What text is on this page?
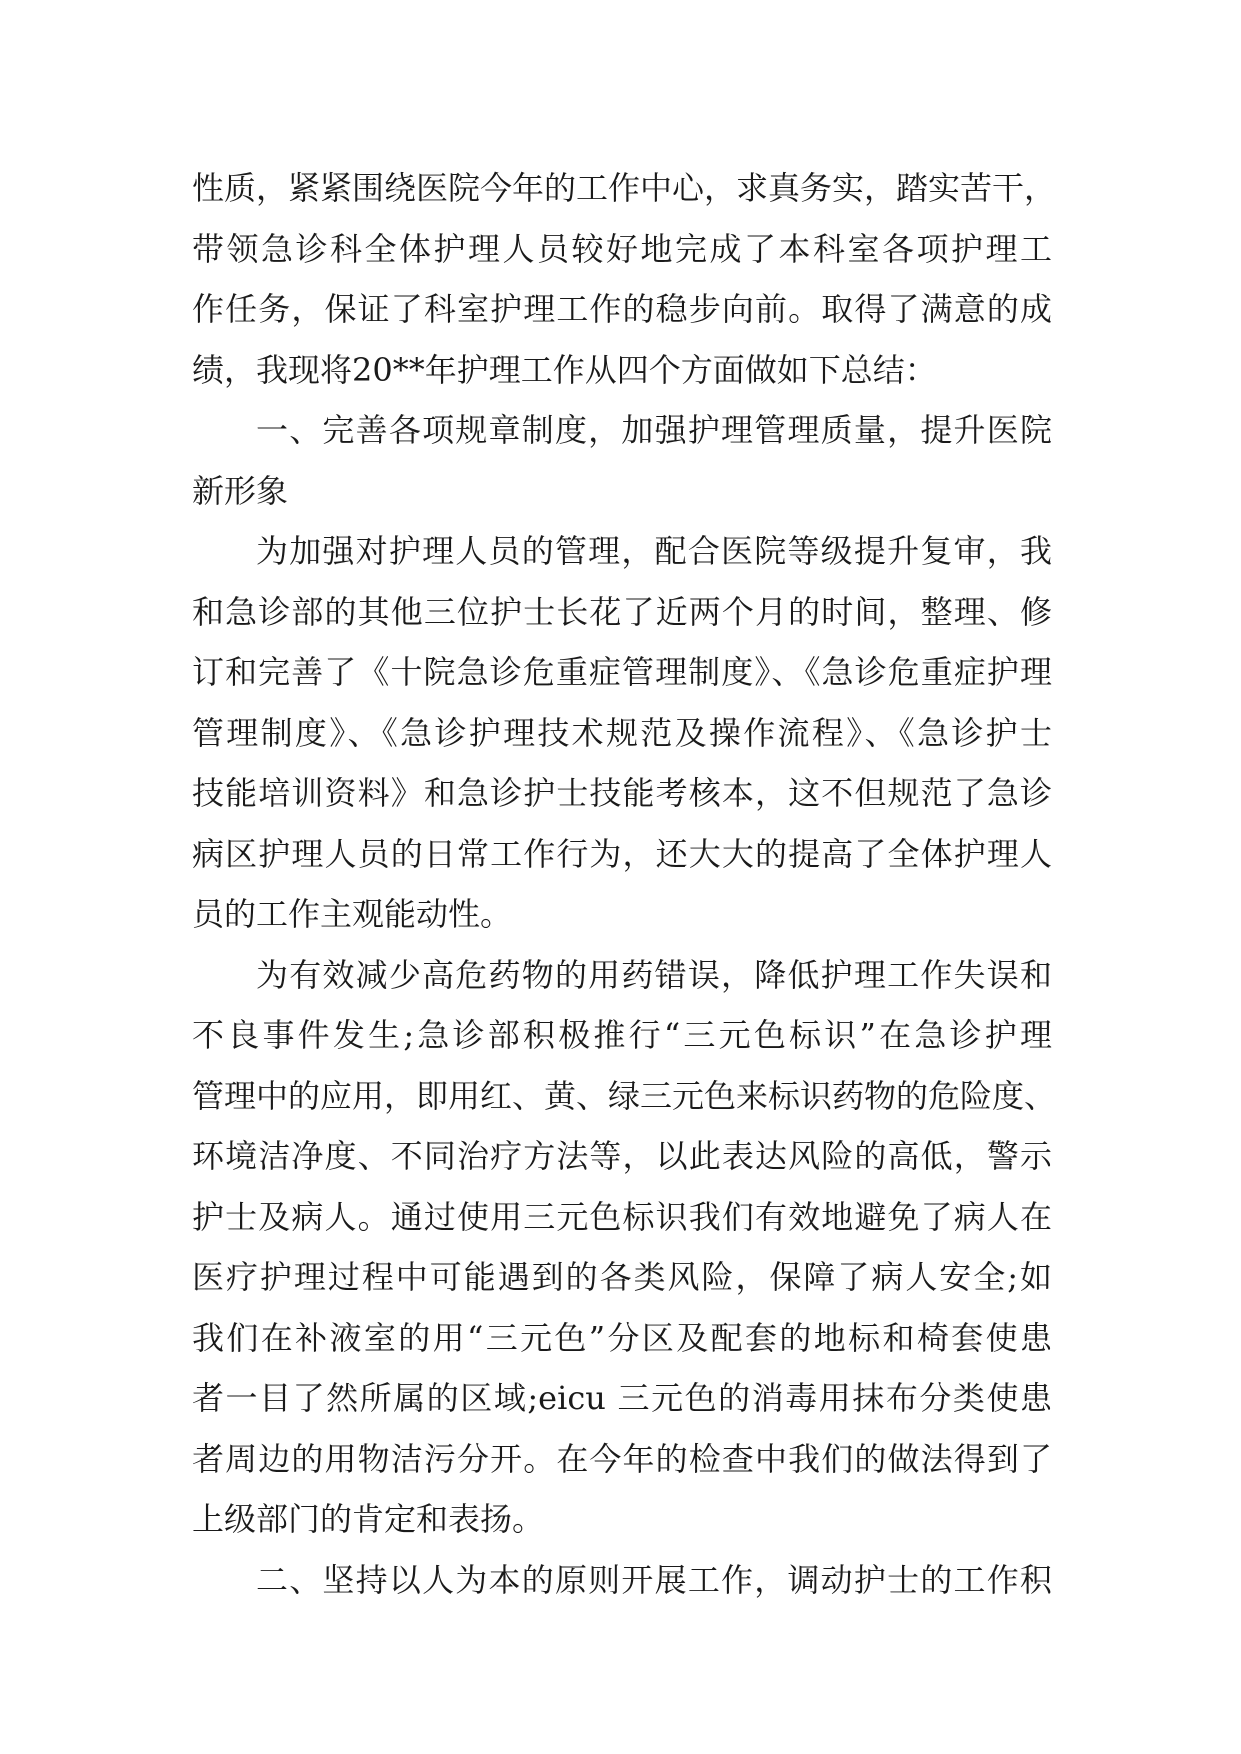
性质，紧紧围绕医院今年的工作中心，求真务实，踏实苦干，
带领急诊科全体护理人员较好地完成了本科室各项护理工
作任务，保证了科室护理工作的稳步向前。取得了满意的成
绩，我现将20**年护理工作从四个方面做如下总结：
一、完善各项规章制度，加强护理管理质量，提升医院
新形象
为加强对护理人员的管理，配合医院等级提升复审，我
和急诊部的其他三位护士长花了近两个月的时间，整理、修
订和完善了《十院急诊危重症管理制度》、《急诊危重症护理
管理制度》、《急诊护理技术规范及操作流程》、《急诊护士
技能培训资料》和急诊护士技能考核本，这不但规范了急诊
病区护理人员的日常工作行为，还大大的提高了全体护理人
员的工作主观能动性。
为有效减少高危药物的用药错误，降低护理工作失误和
不良事件发生;急诊部积极推行“三元色标识”在急诊护理
管理中的应用，即用红、黄、绿三元色来标识药物的危险度、
环境洁净度、不同治疗方法等，以此表达风险的高低，警示
护士及病人。通过使用三元色标识我们有效地避免了病人在
医疗护理过程中可能遇到的各类风险，保障了病人安全;如
我们在补液室的用“三元色”分区及配套的地标和椅套使患
者一目了然所属的区域;eicu 三元色的消毒用抹布分类使患
者周边的用物洁污分开。在今年的检查中我们的做法得到了
上级部门的肯定和表扬。
二、坚持以人为本的原则开展工作，调动护士的工作积
